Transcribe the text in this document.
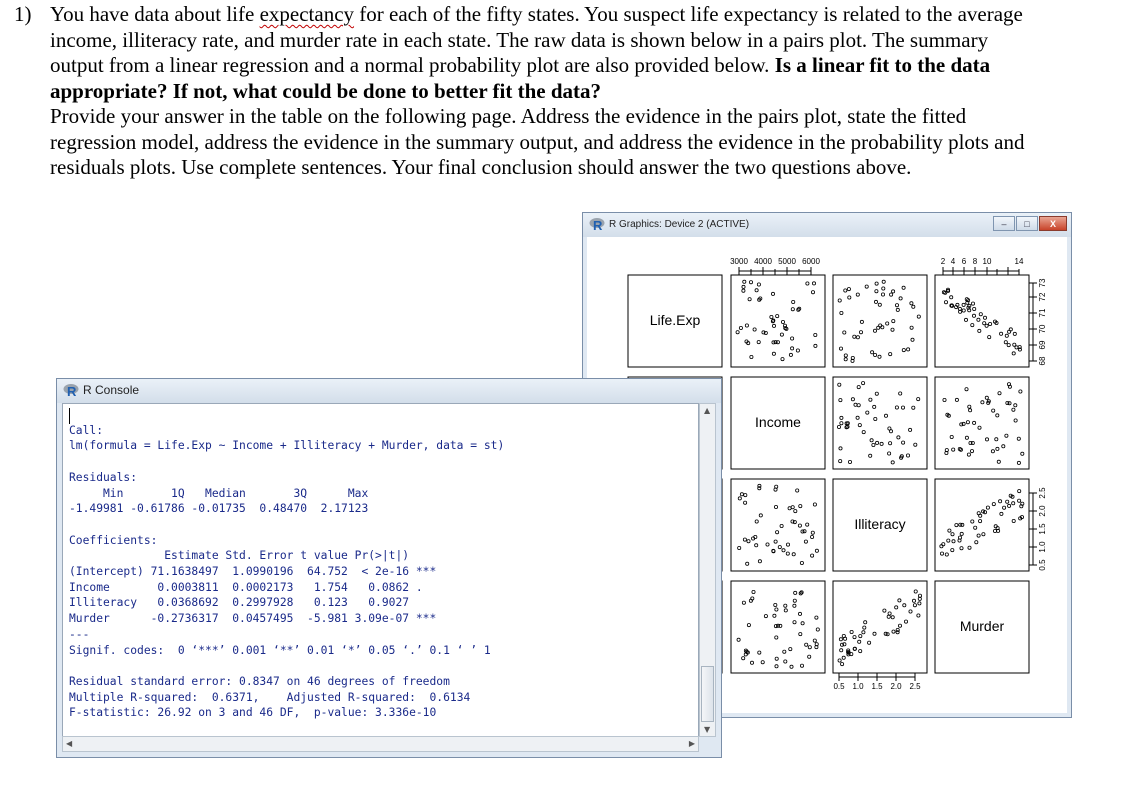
1) You have data about life expectancy for each of the fifty states. You suspect life expectancy is related to the average
income, illiteracy rate, and murder rate in each state. The raw data is shown below in a pairs plot. The summary
output from a linear regression and a normal probability plot are also provided below. Is a linear fit to the data
appropriate? If not, what could be done to better fit the data?
Provide your answer in the table on the following page. Address the evidence in the pairs plot, state the fitted
regression model, address the evidence in the summary output, and address the evidence in the probability plots and
residuals plots. Use complete sentences. Your final conclusion should answer the two questions above.
R R Graphics: Device 2 (ACTIVE)	– □ X
Life.Exp
Income
Illiteracy
Murder
3000 4000 5000 6000	2 4 6 8 10	14
68
69
70
71
72
73
0.5
1.0
1.5
2.0
2.5
0.5 1.0 1.5 2.0 2.5
R R Console

Call:
lm(formula = Life.Exp ~ Income + Illiteracy + Murder, data = st)

Residuals:
Min       1Q   Median       3Q      Max
-1.49981 -0.61786 -0.01735  0.48470  2.17123

Coefficients:
Estimate Std. Error t value Pr(>|t|)
(Intercept) 71.1638497  1.0990196  64.752  < 2e-16 ***
Income       0.0003811  0.0002173   1.754   0.0862 .
Illiteracy   0.0368692  0.2997928   0.123   0.9027
Murder      -0.2736317  0.0457495  -5.981 3.09e-07 ***
---
Signif. codes:  0 ‘***’ 0.001 ‘**’ 0.01 ‘*’ 0.05 ‘.’ 0.1 ‘ ’ 1

Residual standard error: 0.8347 on 46 degrees of freedom
Multiple R-squared:  0.6371,	Adjusted R-squared:  0.6134
F-statistic: 26.92 on 3 and 46 DF,  p-value: 3.336e-10
▲
▼
◀	▶
